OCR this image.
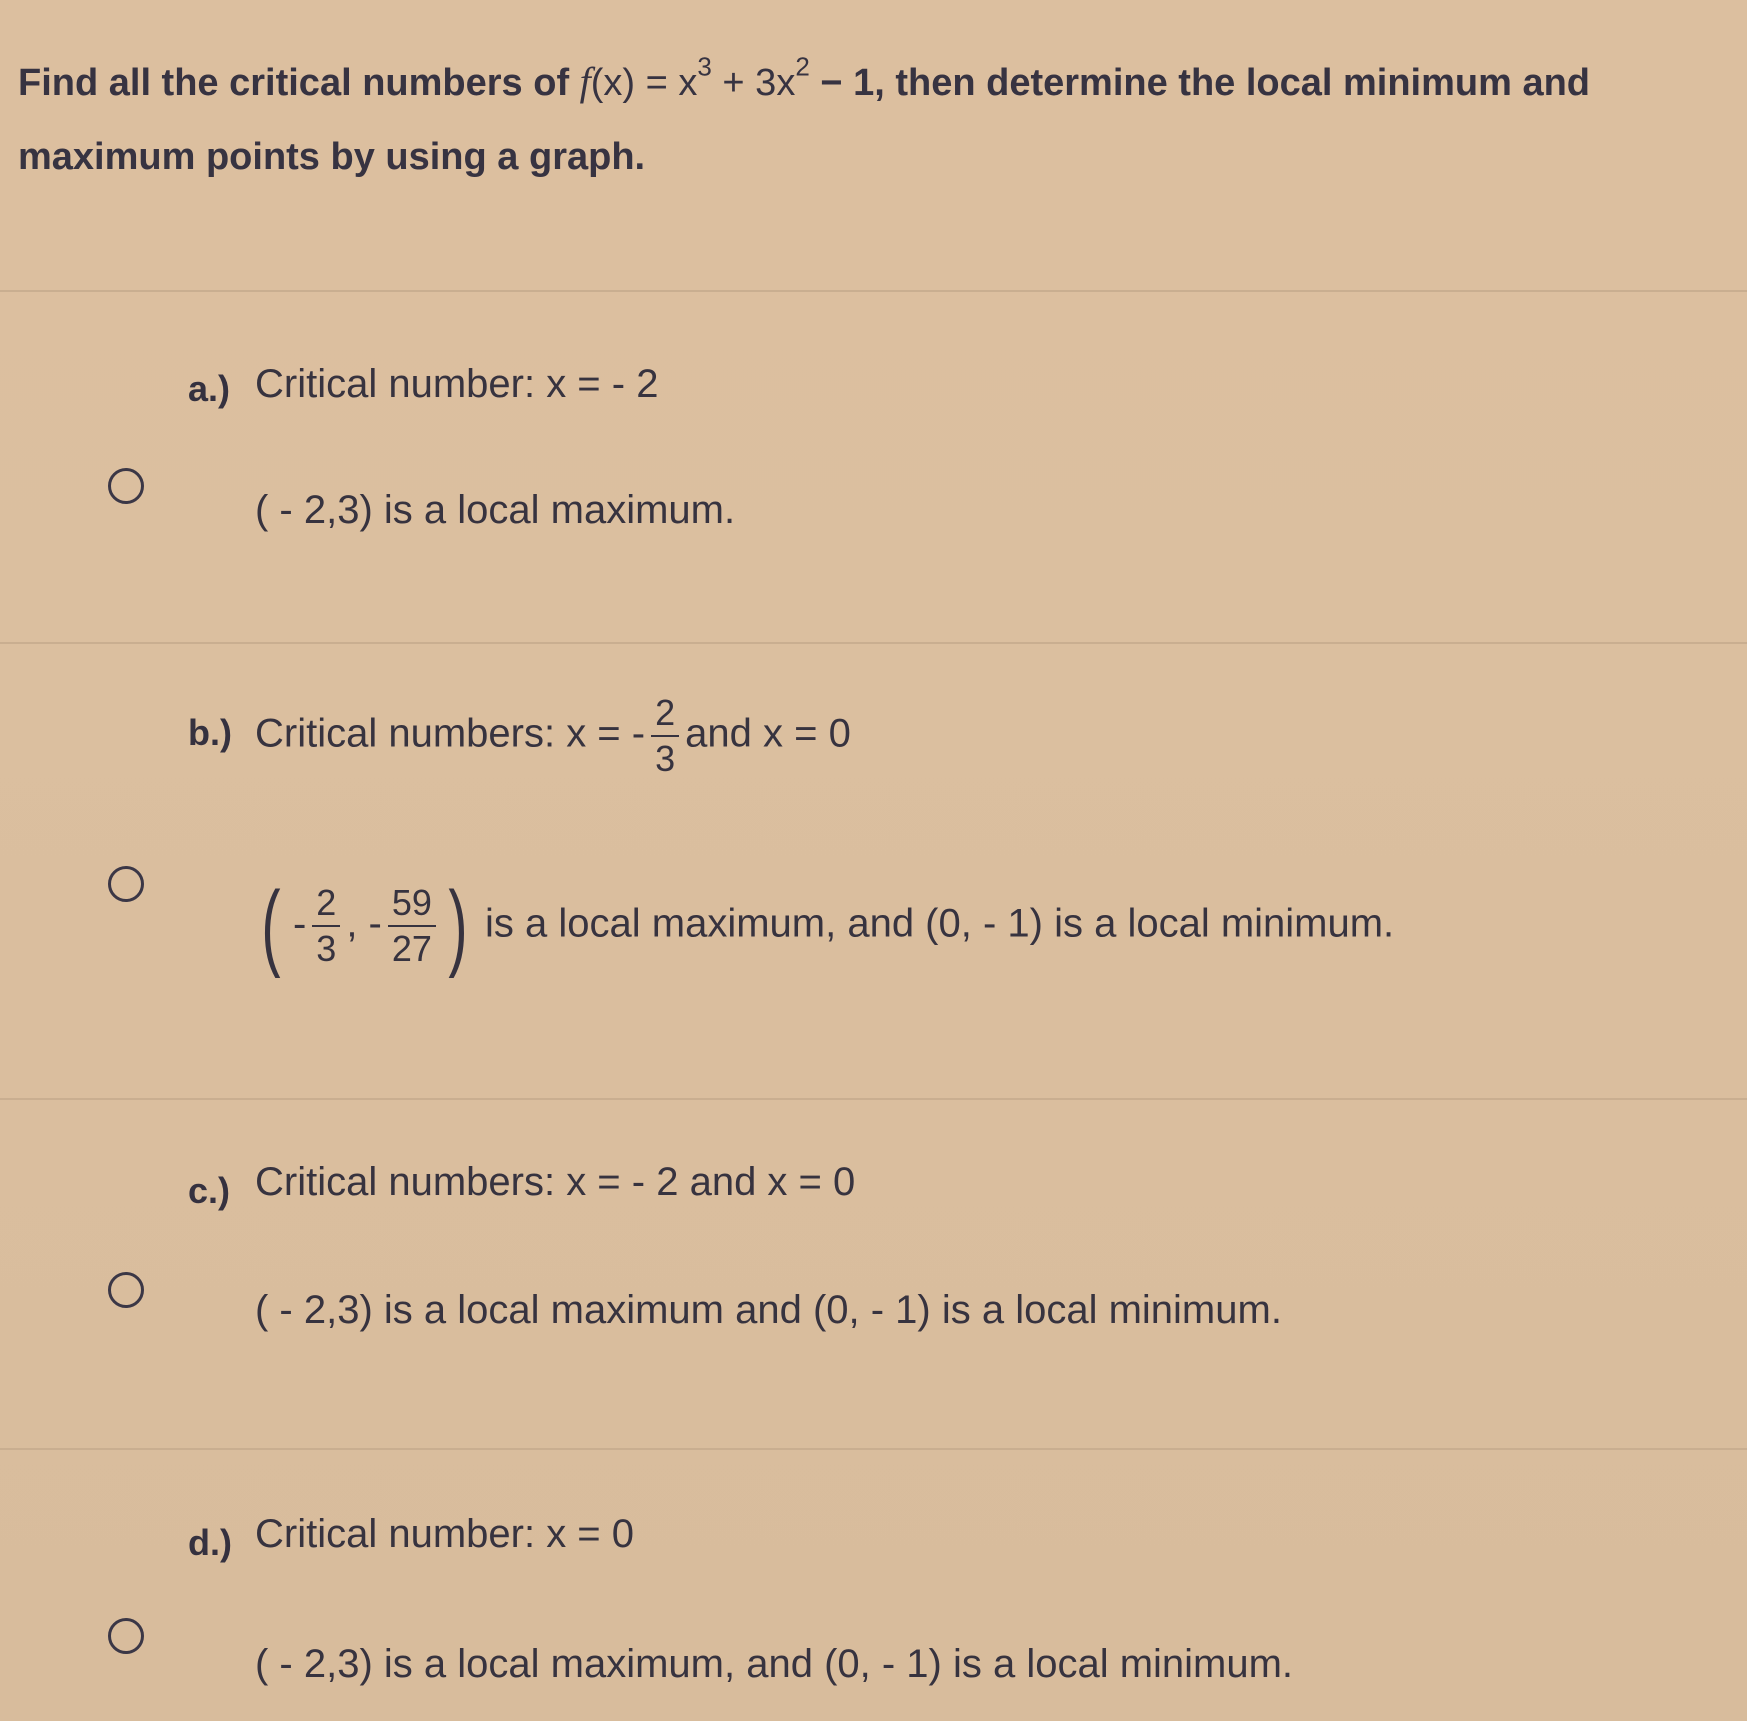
Find all the critical numbers of $f(x) = x^3 + 3x^2 - 1$, then determine the local minimum and
maximum points by using a graph.
a.) Critical number: x = - 2
( - 2,3) is a local maximum.
b.) Critical numbers: x = - $\frac{2}{3}$ and x = 0
( - $\frac{2}{3}$ , - $\frac{59}{27}$ ) is a local maximum, and (0, - 1) is a local minimum.
c.) Critical numbers: x = - 2 and x = 0
( - 2,3) is a local maximum and (0, - 1) is a local minimum.
d.) Critical number: x = 0
( - 2,3) is a local maximum, and (0, - 1) is a local minimum.
